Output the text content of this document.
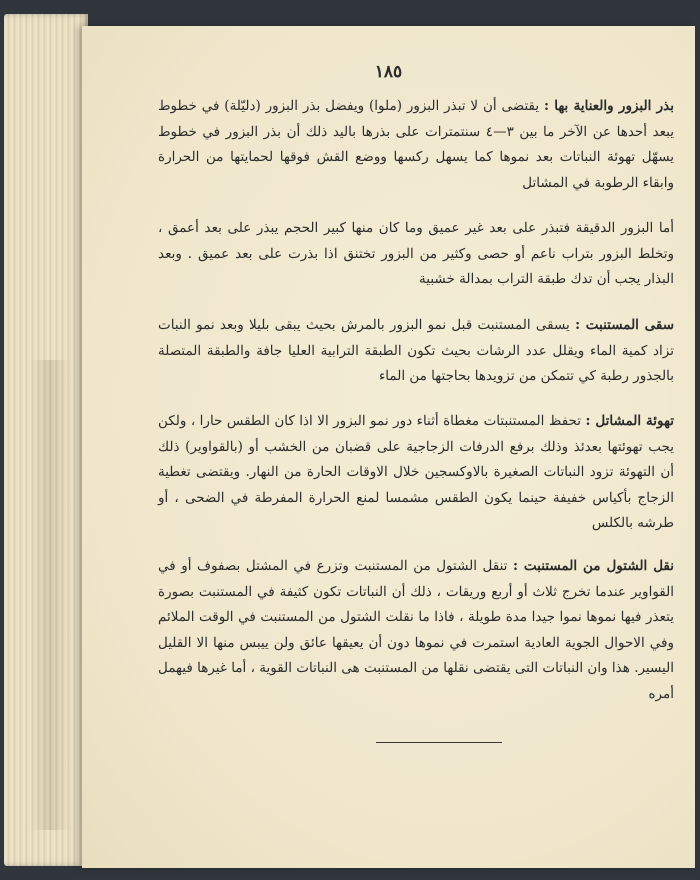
١٨٥

بذر البزور والعناية بها : يقتضى أن لا تبذر البزور (ملوا) ويفضل بذر البزور (دليّلة) في خطوط يبعد أحدها عن الآخر ما بين ٣—٤ سنتمترات على بذرها باليد ذلك أن بذر البزور في خطوط يسهّل تهوئة النباتات بعد نموها كما يسهل ركسها ووضع القش فوقها لحمايتها من الحرارة وابقاء الرطوبة في المشاتل

أما البزور الدقيقة فتبذر على بعد غير عميق وما كان منها كبير الحجم يبذر على بعد أعمق ، وتخلط البزور بتراب ناعم أو حصى وكثير من البزور تختنق اذا بذرت على بعد عميق . وبعد البذار يجب أن تدك طبقة التراب بمدالة خشبية

سقى المستنبت : يسقى المستنبت قبل نمو البزور بالمرش بحيث يبقى بليلا وبعد نمو النبات تزاد كمية الماء ويقلل عدد الرشات بحيث تكون الطبقة الترابية العليا جافة والطبقة المتصلة بالجذور رطبة كي تتمكن من تزويدها بحاجتها من الماء

تهوئة المشاتل : تحفظ المستنبتات مغطاة أثناء دور نمو البزور الا اذا كان الطقس حارا ، ولكن يجب تهوئتها بعدئذ وذلك برفع الدرفات الزجاجية على قضبان من الخشب أو (بالقواوير) ذلك أن التهوئة تزود النباتات الصغيرة بالاوكسجين خلال الاوقات الحارة من النهار. ويقتضى تغطية الزجاج بأكياس خفيفة حينما يكون الطقس مشمسا لمنع الحرارة المفرطة في الضحى ، أو طرشه بالكلس

نقل الشتول من المستنبت : تنقل الشتول من المستنبت وتزرع في المشتل بصفوف أو في القواوير عندما تخرج ثلاث أو أربع وريقات ، ذلك أن النباتات تكون كثيفة في المستنبت بصورة يتعذر فيها نموها نموا جيدا مدة طويلة ، فاذا ما نقلت الشتول من المستنبت في الوقت الملائم وفي الاحوال الجوية العادية استمرت في نموها دون أن يعيقها عائق ولن ييبس منها الا القليل اليسير. هذا وان النباتات التى يقتضى نقلها من المستنبت هى النباتات القوية ، أما غيرها فيهمل أمره
